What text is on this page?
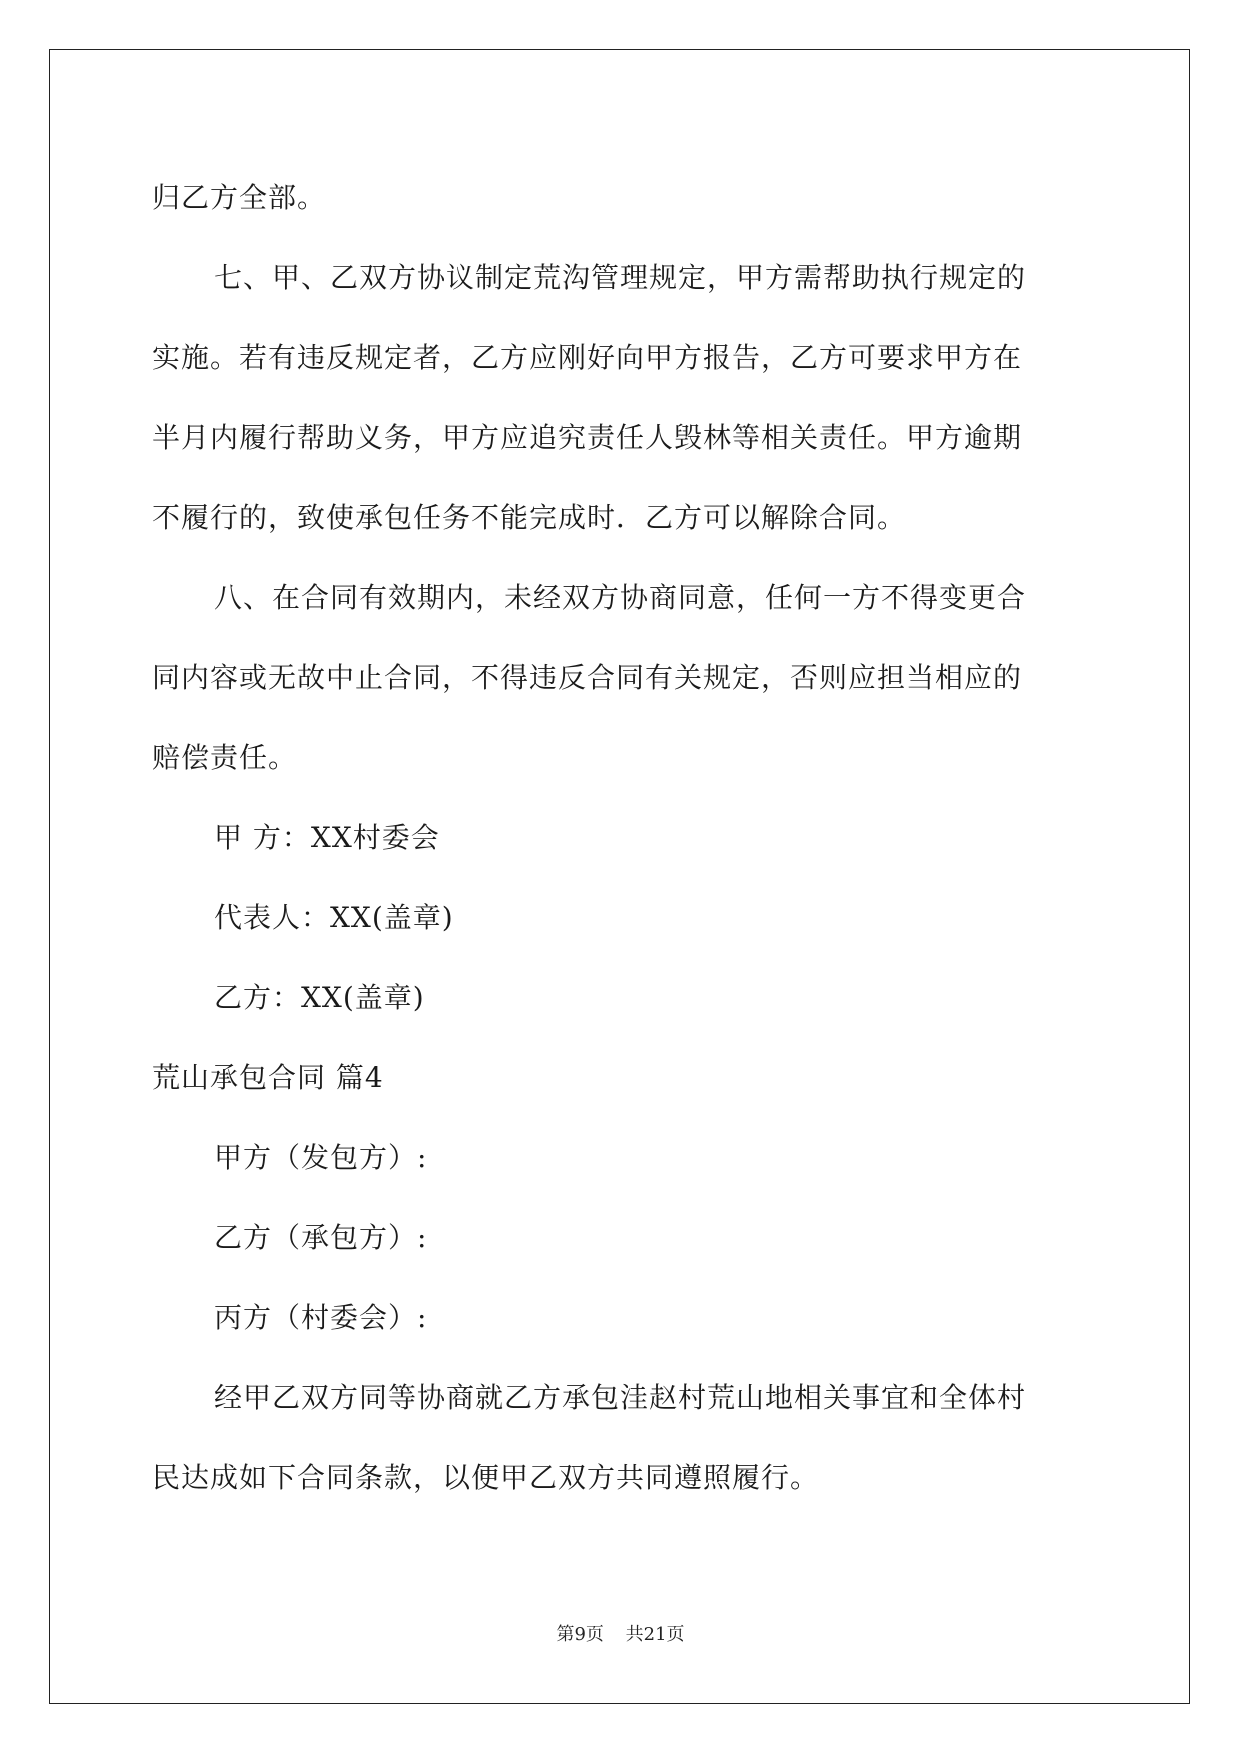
归乙方全部。
七、甲、乙双方协议制定荒沟管理规定，甲方需帮助执行规定的
实施。若有违反规定者，乙方应刚好向甲方报告，乙方可要求甲方在
半月内履行帮助义务，甲方应追究责任人毁林等相关责任。甲方逾期
不履行的，致使承包任务不能完成时．乙方可以解除合同。
八、在合同有效期内，未经双方协商同意，任何一方不得变更合
同内容或无故中止合同，不得违反合同有关规定，否则应担当相应的
赔偿责任。
甲 方：XX村委会
代表人：XX(盖章)
乙方：XX(盖章)
荒山承包合同 篇4
甲方（发包方）:
乙方（承包方）:
丙方（村委会）:
经甲乙双方同等协商就乙方承包洼赵村荒山地相关事宜和全体村
民达成如下合同条款，以便甲乙双方共同遵照履行。
第9页 共21页
